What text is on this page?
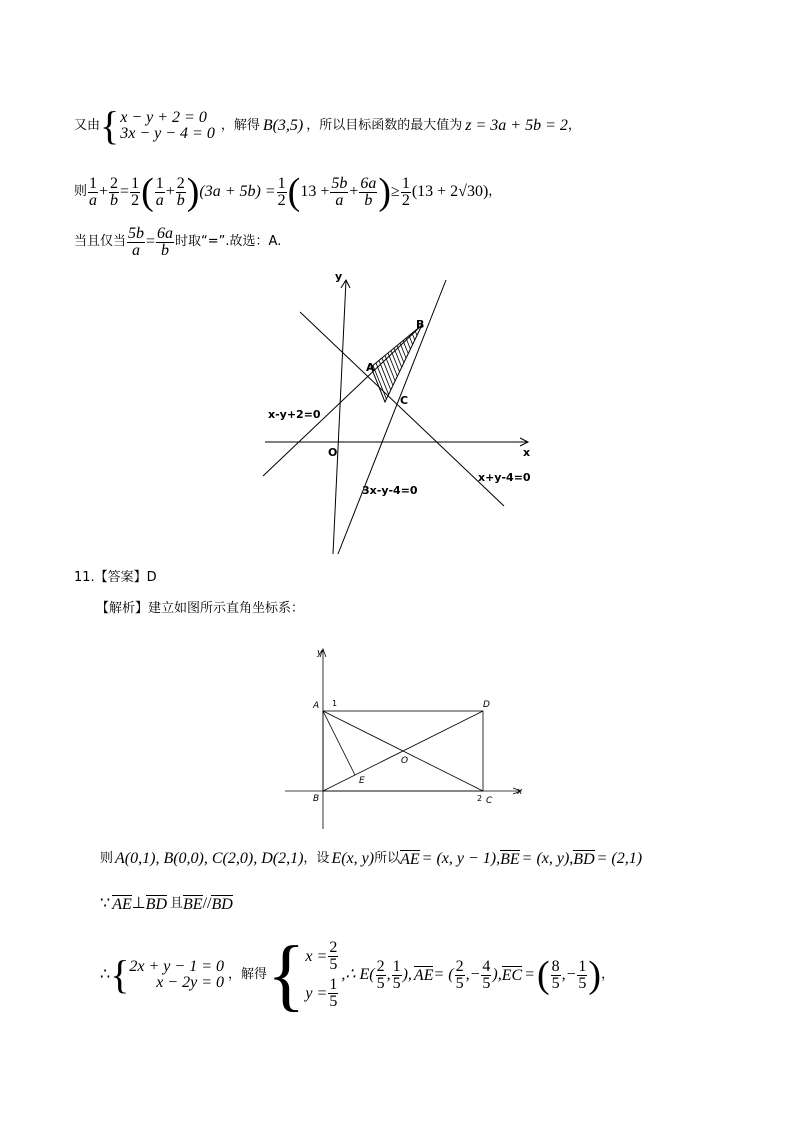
又由 { x − y + 2 = 0
3x − y − 4 = 0 ，解得 B(3,5) ，所以目标函数的最大值为 z = 3a + 5b = 2 ，
则 $\frac{1}{a} + \frac{2}{b} = \frac{1}{2}$ ( $\frac{1}{a} + \frac{2}{b}$ ) $(3a + 5b) = \frac{1}{2}$ ( $13 + \frac{5b}{a} + \frac{6a}{b}$ ) ≥ $\frac{1}{2} (13 + 2√30)$ ，
当且仅当 $\frac{5b}{a} = \frac{6a}{b}$ 时取“=”.故选：A.
y
x
O
A
B
C
x-y+2=0
3x-y-4=0
x+y-4=0
11.【答案】D
【解析】建立如图所示直角坐标系：
y
x
A 1	D
B	2 C
E
O
则 A(0,1), B(0,0), C(2,0), D(2,1) ，设 E(x, y) 所以 AE = (x, y − 1), BE = (x, y), BD = (2,1)
∵ AE ⊥ BD 且 BE // BD
∴ { 2x + y − 1 = 0
x − 2y = 0 ，解得 { $x = \frac{2}{5}$
$y = \frac{1}{5}$
,∴ $E( \frac{2}{5}$ , $\frac{1}{5}$ ), AE = ( $\frac{2}{5}$ ,− $\frac{4}{5}$ ), EC = ( $\frac{8}{5}$ ,− $\frac{1}{5}$ ) ，
